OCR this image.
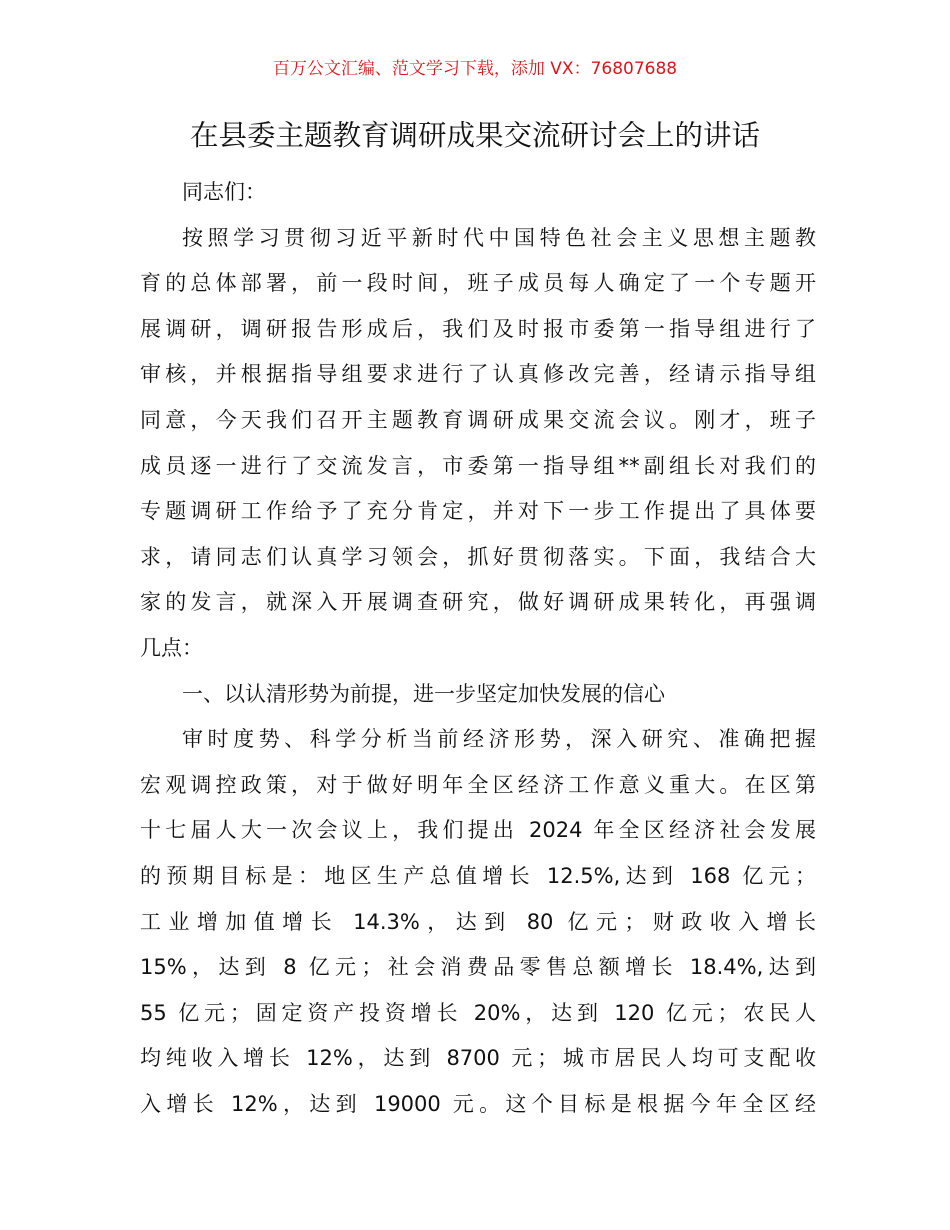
百万公文汇编、范文学习下载，添加 VX：76807688

在县委主题教育调研成果交流研讨会上的讲话
同志们：
按照学习贯彻习近平新时代中国特色社会主义思想主题教
育的总体部署，前一段时间，班子成员每人确定了一个专题开
展调研，调研报告形成后，我们及时报市委第一指导组进行了
审核，并根据指导组要求进行了认真修改完善，经请示指导组
同意，今天我们召开主题教育调研成果交流会议。刚才，班子
成员逐一进行了交流发言，市委第一指导组**副组长对我们的
专题调研工作给予了充分肯定，并对下一步工作提出了具体要
求，请同志们认真学习领会，抓好贯彻落实。下面，我结合大
家的发言，就深入开展调查研究，做好调研成果转化，再强调
几点：
一、以认清形势为前提，进一步坚定加快发展的信心
审时度势、科学分析当前经济形势，深入研究、准确把握
宏观调控政策，对于做好明年全区经济工作意义重大。在区第
十七届人大一次会议上，我们提出 2024 年全区经济社会发展
的预期目标是：地区生产总值增长 12.5%,达到 168 亿元；
工业增加值增长 14.3%，达到 80 亿元；财政收入增长
15%，达到 8 亿元；社会消费品零售总额增长 18.4%,达到
55 亿元；固定资产投资增长 20%，达到 120 亿元；农民人
均纯收入增长 12%，达到 8700 元；城市居民人均可支配收
入增长 12%，达到 19000 元。这个目标是根据今年全区经
